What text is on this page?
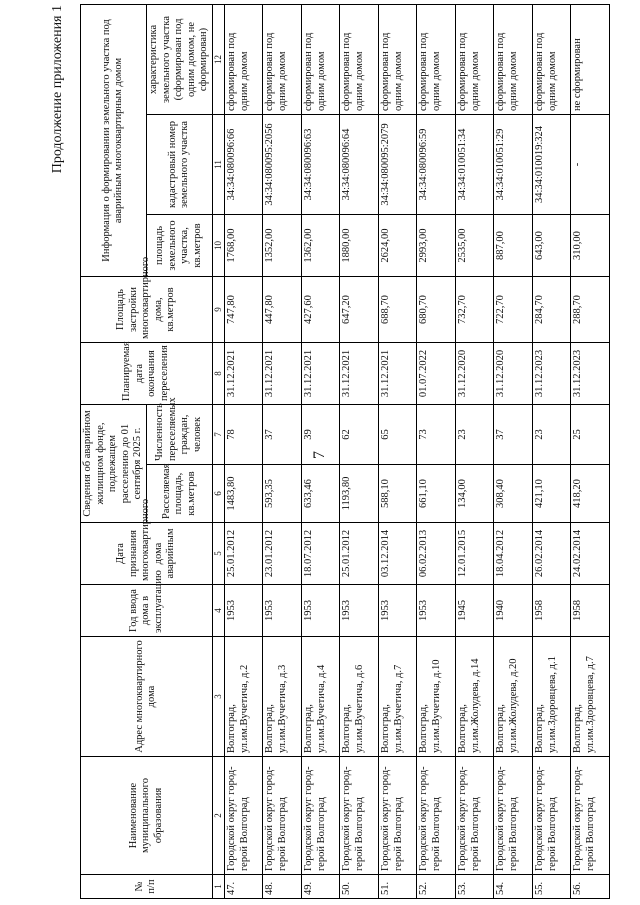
7
Продолжение приложения 1
№ п/п	Наименование муниципального образования	Адрес многоквартирного дома	Год ввода дома в эксплуатацию	Дата признания многоквартирного дома аварийным	Сведения об аварийном жилищном фонде, подлежащем расселению до 01 сентября 2025 г.		Планируемая дата окончания переселения	Площадь застройки многоквартирного дома, кв.метров	Информация о формировании земельного участка под аварийным многоквартирным домом		
					Расселяемая площадь, кв.метров	Численность переселяемых граждан, человек			площадь земельного участка, кв.метров	кадастровый номер земельного участка	характеристика земельного участка (сформирован под одним домом, не сформирован)
1	2	3	4	5	6	7	8	9	10	11	12
47.	Городской округ город-герой Волгоград	Волгоград, ул.им.Вучетича, д.2	1953	25.01.2012	1483,80	78	31.12.2021	747,80	1768,00	34:34:080096:66	сформирован под одним домом
48.	Городской округ город-герой Волгоград	Волгоград, ул.им.Вучетича, д.3	1953	23.01.2012	593,35	37	31.12.2021	447,80	1352,00	34:34:080095:2056	сформирован под одним домом
49.	Городской округ город-герой Волгоград	Волгоград, ул.им.Вучетича, д.4	1953	18.07.2012	633,46	39	31.12.2021	427,60	1362,00	34:34:080096:63	сформирован под одним домом
50.	Городской округ город-герой Волгоград	Волгоград, ул.им.Вучетича, д.6	1953	25.01.2012	1193,80	62	31.12.2021	647,20	1880,00	34:34:080096:64	сформирован под одним домом
51.	Городской округ город-герой Волгоград	Волгоград, ул.им.Вучетича, д.7	1953	03.12.2014	588,10	65	31.12.2021	688,70	2624,00	34:34:080095:2079	сформирован под одним домом
52.	Городской округ город-герой Волгоград	Волгоград, ул.им.Вучетича, д.10	1953	06.02.2013	661,10	73	01.07.2022	680,70	2993,00	34:34:080096:59	сформирован под одним домом
53.	Городской округ город-герой Волгоград	Волгоград, ул.им.Жолудева, д.14	1945	12.01.2015	134,00	23	31.12.2020	732,70	2535,00	34:34:010051:34	сформирован под одним домом
54.	Городской округ город-герой Волгоград	Волгоград, ул.им.Жолудева, д.20	1940	18.04.2012	308,40	37	31.12.2020	722,70	887,00	34:34:010051:29	сформирован под одним домом
55.	Городской округ город-герой Волгоград	Волгоград, ул.им.Здоровцева, д.1	1958	26.02.2014	421,10	23	31.12.2023	284,70	643,00	34:34:010019:324	сформирован под одним домом
56.	Городской округ город-герой Волгоград	Волгоград, ул.им.Здоровцева, д.7	1958	24.02.2014	418,20	25	31.12.2023	288,70	310,00	-	не сформирован
